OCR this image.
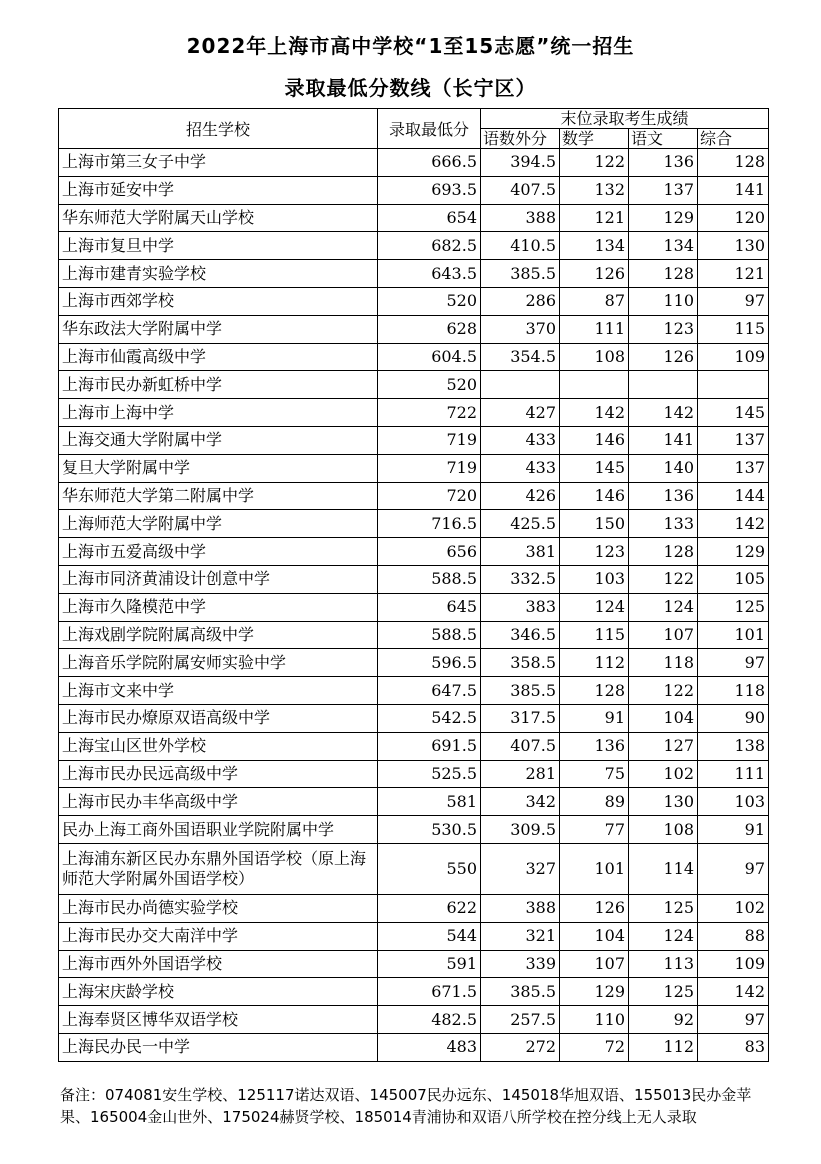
2022年上海市高中学校“1至15志愿”统一招生
录取最低分数线（长宁区）
招生学校	录取最低分	末位录取考生成绩			
		语数外分	数学	语文	综合
上海市第三女子中学	666.5	394.5	122	136	128
上海市延安中学	693.5	407.5	132	137	141
华东师范大学附属天山学校	654	388	121	129	120
上海市复旦中学	682.5	410.5	134	134	130
上海市建青实验学校	643.5	385.5	126	128	121
上海市西郊学校	520	286	87	110	97
华东政法大学附属中学	628	370	111	123	115
上海市仙霞高级中学	604.5	354.5	108	126	109
上海市民办新虹桥中学	520				
上海市上海中学	722	427	142	142	145
上海交通大学附属中学	719	433	146	141	137
复旦大学附属中学	719	433	145	140	137
华东师范大学第二附属中学	720	426	146	136	144
上海师范大学附属中学	716.5	425.5	150	133	142
上海市五爱高级中学	656	381	123	128	129
上海市同济黄浦设计创意中学	588.5	332.5	103	122	105
上海市久隆模范中学	645	383	124	124	125
上海戏剧学院附属高级中学	588.5	346.5	115	107	101
上海音乐学院附属安师实验中学	596.5	358.5	112	118	97
上海市文来中学	647.5	385.5	128	122	118
上海市民办燎原双语高级中学	542.5	317.5	91	104	90
上海宝山区世外学校	691.5	407.5	136	127	138
上海市民办民远高级中学	525.5	281	75	102	111
上海市民办丰华高级中学	581	342	89	130	103
民办上海工商外国语职业学院附属中学	530.5	309.5	77	108	91
上海浦东新区民办东鼎外国语学校（原上海师范大学附属外国语学校）	550	327	101	114	97
上海市民办尚德实验学校	622	388	126	125	102
上海市民办交大南洋中学	544	321	104	124	88
上海市西外外国语学校	591	339	107	113	109
上海宋庆龄学校	671.5	385.5	129	125	142
上海奉贤区博华双语学校	482.5	257.5	110	92	97
上海民办民一中学	483	272	72	112	83
备注：074081安生学校、125117诺达双语、145007民办远东、145018华旭双语、155013民办金苹果、165004金山世外、175024赫贤学校、185014青浦协和双语八所学校在控分线上无人录取
